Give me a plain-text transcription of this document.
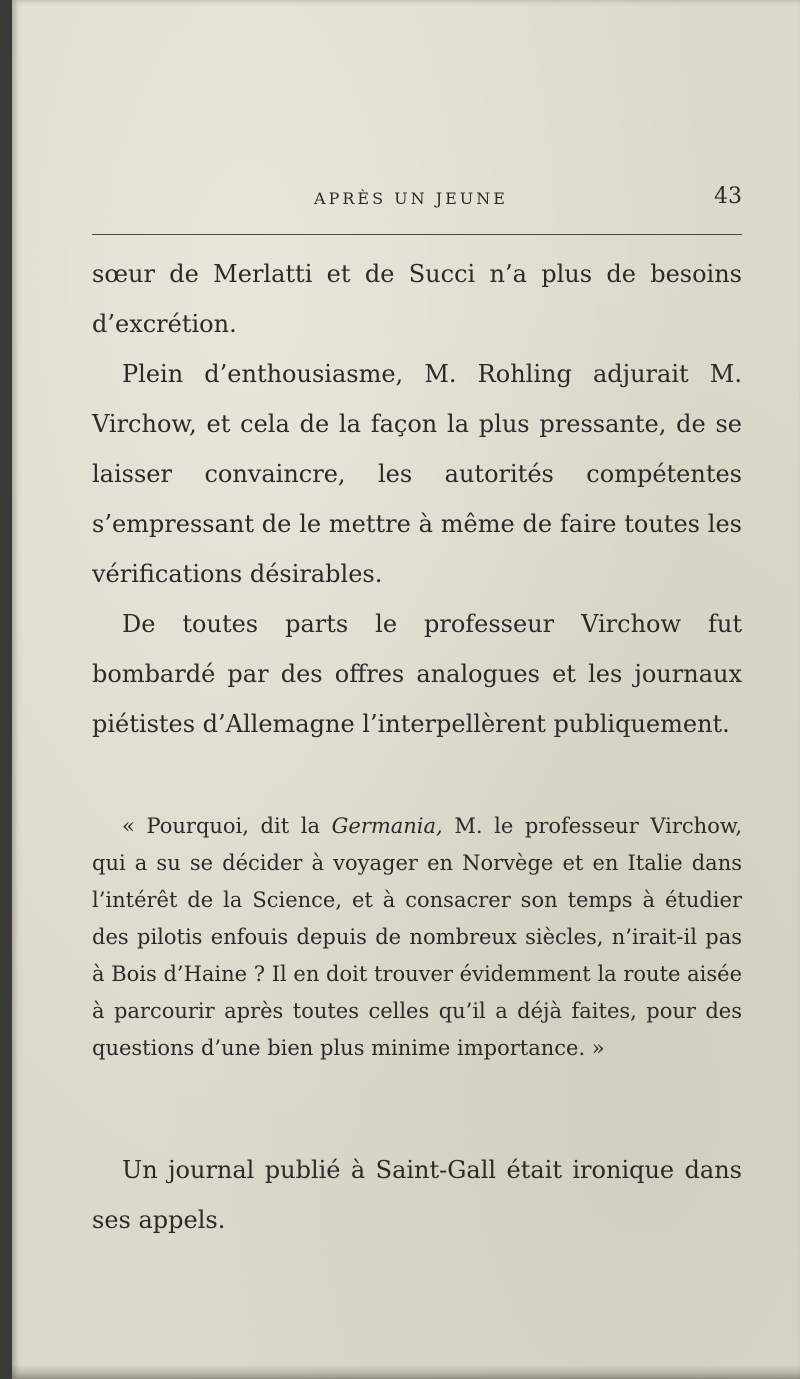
APRÈS UN JEUNE	43

sœur de Merlatti et de Succi n’a plus de besoins d’excrétion.

Plein d’enthousiasme, M. Rohling adjurait M. Virchow, et cela de la façon la plus pressante, de se laisser convaincre, les autorités compétentes s’empressant de le mettre à même de faire toutes les vérifications désirables.

De toutes parts le professeur Virchow fut bombardé par des offres analogues et les journaux piétistes d’Allemagne l’interpellèrent publiquement.

« Pourquoi, dit la Germania, M. le professeur Virchow, qui a su se décider à voyager en Norvège et en Italie dans l’intérêt de la Science, et à consacrer son temps à étudier des pilotis enfouis depuis de nombreux siècles, n’irait-il pas à Bois d’Haine ? Il en doit trouver évidemment la route aisée à parcourir après toutes celles qu’il a déjà faites, pour des questions d’une bien plus minime importance. »

Un journal publié à Saint-Gall était ironique dans ses appels.
